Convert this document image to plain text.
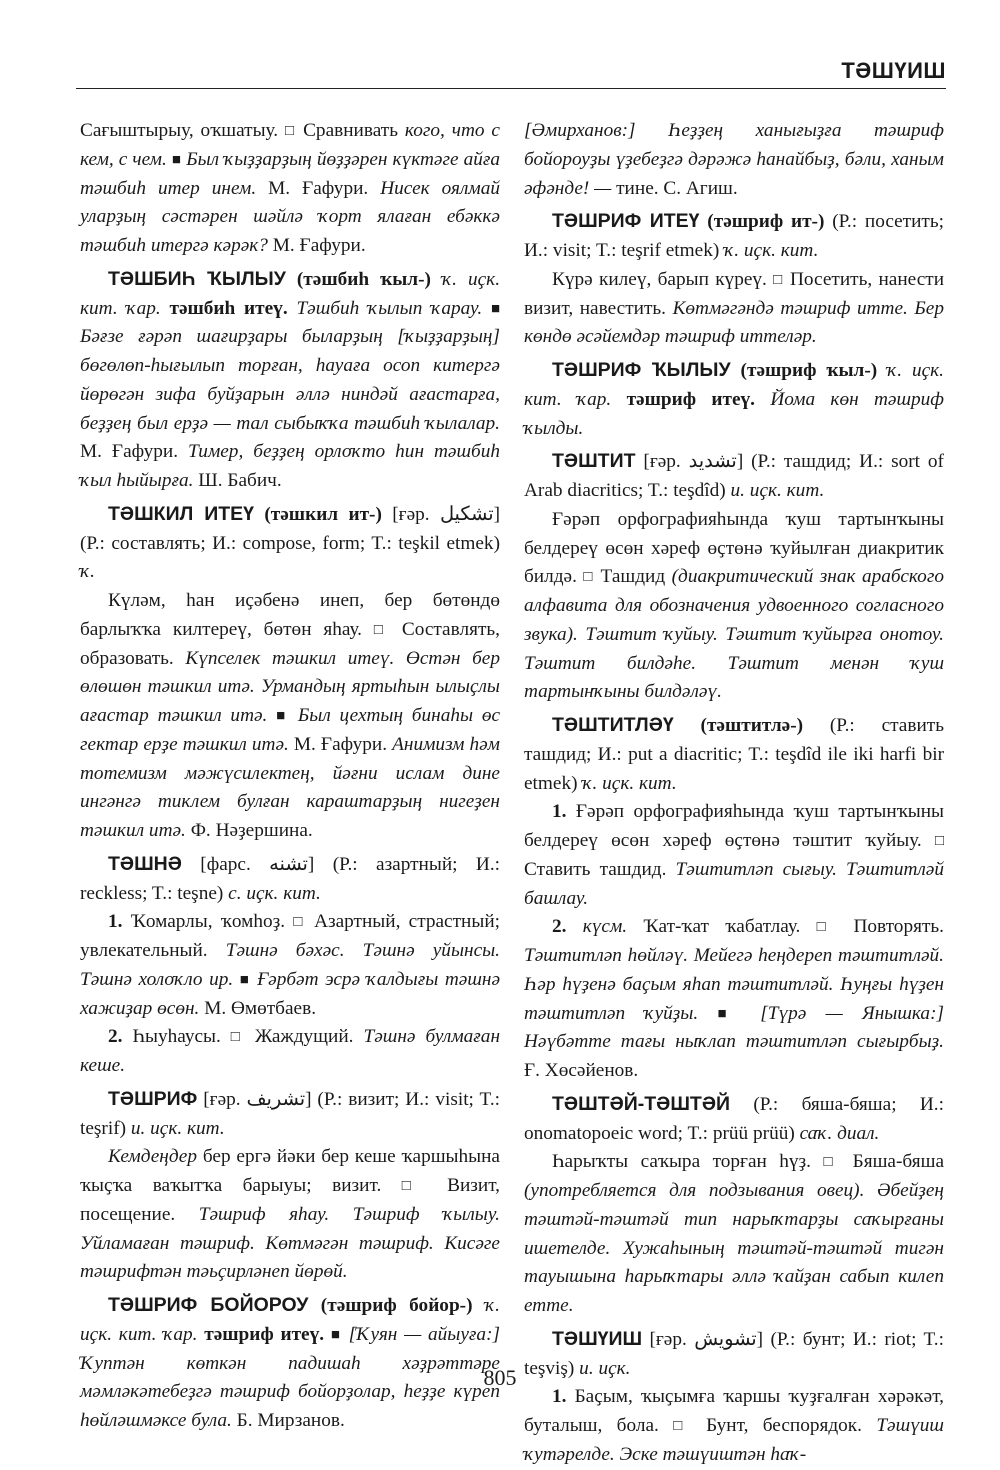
ТӘШҮИШ

Сағыштырыу, оҡшатыу. □ Сравнивать кого, что с кем, с чем. ■ Был ҡыҙҙарҙың йөҙҙәрен күктәге айға тәшбиһ итер инем. М. Ғафури. Нисек оялмай уларҙың сәстәрен шәйлә ҡорт ялаған ебәккә тәшбиһ итергә кәрәк? М. Ғафури.

ТӘШБИҺ ҠЫЛЫУ (тәшбиһ ҡыл-) ҡ. иҫк. кит. ҡар. тәшбиһ итеү. Тәшбиһ ҡылып ҡарау. ■ Бәғзе ғәрәп шағирҙары быларҙың [ҡыҙҙарҙың] бөгөлөп-һығылып торған, һауаға осоп китергә йөрөгән зифа буйҙарын әллә ниндәй ағастарға, беҙҙең был ерҙә — тал сыбыҡҡа тәшбиһ ҡылалар. М. Ғафури. Тимер, беҙҙең орлоҡто һин тәшбиһ ҡыл һыйырға. Ш. Бабич.

ТӘШКИЛ ИТЕҮ (тәшкил ит-) [ғәр. تشكيل] (Р.: составлять; И.: compose, form; T.: teşkil etmek) ҡ.

Күләм, һан иҫәбенә инеп, бер бөтөндө барлыҡҡа килтереү, бөтөн яһау. □ Составлять, образовать. Күпселек тәшкил итеү. Өстән бер өлөшөн тәшкил итә. Урмандың яртыһын ылыҫлы ағастар тәшкил итә. ■ Был цехтың бинаһы өс гектар ерҙе тәшкил итә. М. Ғафури. Анимизм һәм тотемизм мәжүсилектең, йәғни ислам дине ингәнгә тиклем булған караштарҙың нигеҙен тәшкил итә. Ф. Нәҙершина.

ТӘШНӘ [фарс. تشنه] (Р.: азартный; И.: reckless; T.: teşne) с. иҫк. кит.

1. Ҡомарлы, ҡомһоҙ. □ Азартный, страстный; увлекательный. Тәшнә бәхәс. Тәшнә уйынсы. Тәшнә холоҡло ир. ■ Ғәрбәт эсрә ҡалдығы тәшнә хажиҙар өсөн. М. Өмөтбаев.

2. Һыуһаусы. □ Жаждущий. Тәшнә булмаған кеше.

ТӘШРИФ [ғәр. تشريف] (Р.: визит; И.: visit; T.: teşrif) и. иҫк. кит.

Кемдеңдер бер ергә йәки бер кеше ҡаршыһына ҡыҫҡа ваҡытҡа барыуы; визит. □ Визит, посещение. Тәшриф яһау. Тәшриф ҡылыу. Уйламаған тәшриф. Көтмәгән тәшриф. Кисәге тәшрифтән тәьҫирләнеп йөрөй.

ТӘШРИФ БОЙОРОУ (тәшриф бойор-) ҡ. иҫк. кит. ҡар. тәшриф итеү. ■ [Ҡуян — айыуға:] Ҡуптән көткән падишаһ хәҙрәттәре мәмләкәтебеҙгә тәшриф бойорҙолар, һеҙҙе күреп һөйләшмәксе була. Б. Мирзанов.

[Әмирханов:] Һеҙҙең ханығыҙға тәшриф бойороуҙы үҙебеҙгә дәрәжә һанайбыҙ, бәли, ханым әфәнде! — тине. С. Агиш.

ТӘШРИФ ИТЕҮ (тәшриф ит-) (Р.: посетить; И.: visit; T.: teşrif etmek) ҡ. иҫк. кит.

Күрә килеү, барып күреү. □ Посетить, нанести визит, навестить. Көтмәгәндә тәшриф итте. Бер көндө әсәйемдәр тәшриф иттеләр.

ТӘШРИФ ҠЫЛЫУ (тәшриф ҡыл-) ҡ. иҫк. кит. ҡар. тәшриф итеү. Йома көн тәшриф ҡылды.

ТӘШТИТ [ғәр. تشديد] (Р.: ташдид; И.: sort of Arab diacritics; T.: teşdîd) и. иҫк. кит.

Ғәрәп орфографияһында ҡуш тартынҡыны белдереү өсөн хәреф өҫтөнә ҡуйылған диакритик билдә. □ Ташдид (диакритический знак арабского алфавита для обозначения удвоенного согласного звука). Тәштит ҡуйыу. Тәштит ҡуйырға онотоу. Тәштит билдәһе. Тәштит менән ҡуш тартынҡыны билдәләү.

ТӘШТИТЛӘҮ (тәштитлә-) (Р.: ставить ташдид; И.: put a diacritic; T.: teşdîd ile iki harfi bir etmek) ҡ. иҫк. кит.

1. Ғәрәп орфографияһында ҡуш тартынҡыны белдереү өсөн хәреф өҫтөнә тәштит ҡуйыу. □ Ставить ташдид. Тәштитләп сығыу. Тәштитләй башлау.

2. күсм. Ҡат-ҡат ҡабатлау. □ Повторять. Тәштитләп һөйләү. Мейегә һеңдереп тәштитләй. Һәр һүҙенә баҫым яһап тәштитләй. Һуңғы һүҙен тәштитләп ҡуйҙы. ■ [Түрә — Янышка:] Нәүбәтте тағы ныҡлап тәштитләп сығырбыҙ. Ғ. Хөсәйенов.

ТӘШТӘЙ-ТӘШТӘЙ (Р.: бяша-бяша; И.: onomatopoeic word; T.: prüü prüü) саҡ. диал.

Һарыҡты саҡыра торған һүҙ. □ Бяша-бяша (употребляется для подзывания овец). Әбейҙең тәштәй-тәштәй тип нарыҡтарҙы саҡырғаны ишетелде. Хужаһының тәштәй-тәштәй тигән тауышына һарыҡтары әллә ҡайҙан сабып килеп етте.

ТӘШҮИШ [ғәр. تشويش] (Р.: бунт; И.: riot; T.: teşviş) и. иҫк.

1. Баҫым, ҡыҫымға ҡаршы ҡуҙғалған хәрәкәт, буталыш, бола. □ Бунт, беспорядок. Тәшүиш ҡутәрелде. Эске тәшүиштән һаҡ-

805
